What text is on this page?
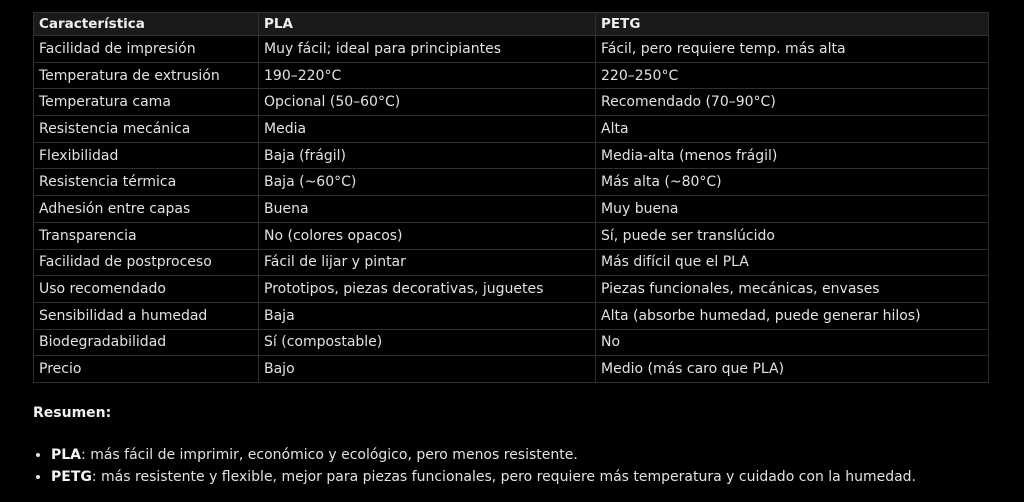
Característica	PLA	PETG
Facilidad de impresión	Muy fácil; ideal para principiantes	Fácil, pero requiere temp. más alta
Temperatura de extrusión	190–220°C	220–250°C
Temperatura cama	Opcional (50–60°C)	Recomendado (70–90°C)
Resistencia mecánica	Media	Alta
Flexibilidad	Baja (frágil)	Media-alta (menos frágil)
Resistencia térmica	Baja (~60°C)	Más alta (~80°C)
Adhesión entre capas	Buena	Muy buena
Transparencia	No (colores opacos)	Sí, puede ser translúcido
Facilidad de postproceso	Fácil de lijar y pintar	Más difícil que el PLA
Uso recomendado	Prototipos, piezas decorativas, juguetes	Piezas funcionales, mecánicas, envases
Sensibilidad a humedad	Baja	Alta (absorbe humedad, puede generar hilos)
Biodegradabilidad	Sí (compostable)	No
Precio	Bajo	Medio (más caro que PLA)
Resumen:
• PLA: más fácil de imprimir, económico y ecológico, pero menos resistente.
• PETG: más resistente y flexible, mejor para piezas funcionales, pero requiere más temperatura y cuidado con la humedad.
